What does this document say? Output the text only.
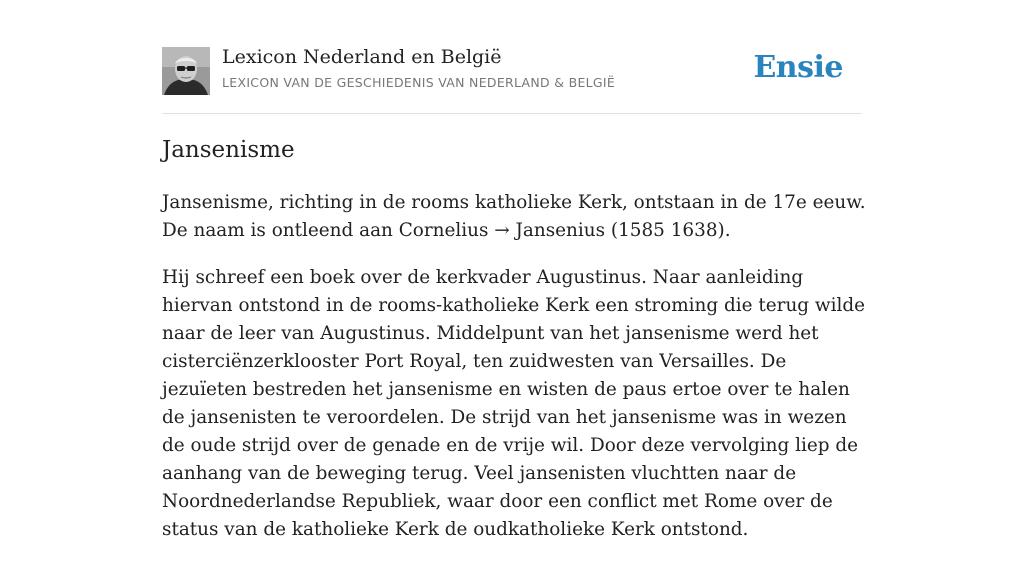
Lexicon Nederland en België
LEXICON VAN DE GESCHIEDENIS VAN NEDERLAND & BELGIË	Ensie
Jansenisme

Jansenisme, richting in de rooms katholieke Kerk, ontstaan in de 17e eeuw. De naam is ontleend aan Cornelius → Jansenius (1585 1638).

Hij schreef een boek over de kerkvader Augustinus. Naar aanleiding hiervan ontstond in de rooms-katholieke Kerk een stroming die terug wilde naar de leer van Augustinus. Middelpunt van het jansenisme werd het cisterciënzerklooster Port Royal, ten zuidwesten van Versailles. De jezuïeten bestreden het jansenisme en wisten de paus ertoe over te halen de jansenisten te veroordelen. De strijd van het jansenisme was in wezen de oude strijd over de genade en de vrije wil. Door deze vervolging liep de aanhang van de beweging terug. Veel jansenisten vluchtten naar de Noordnederlandse Republiek, waar door een conflict met Rome over de status van de katholieke Kerk de oudkatholieke Kerk ontstond.
